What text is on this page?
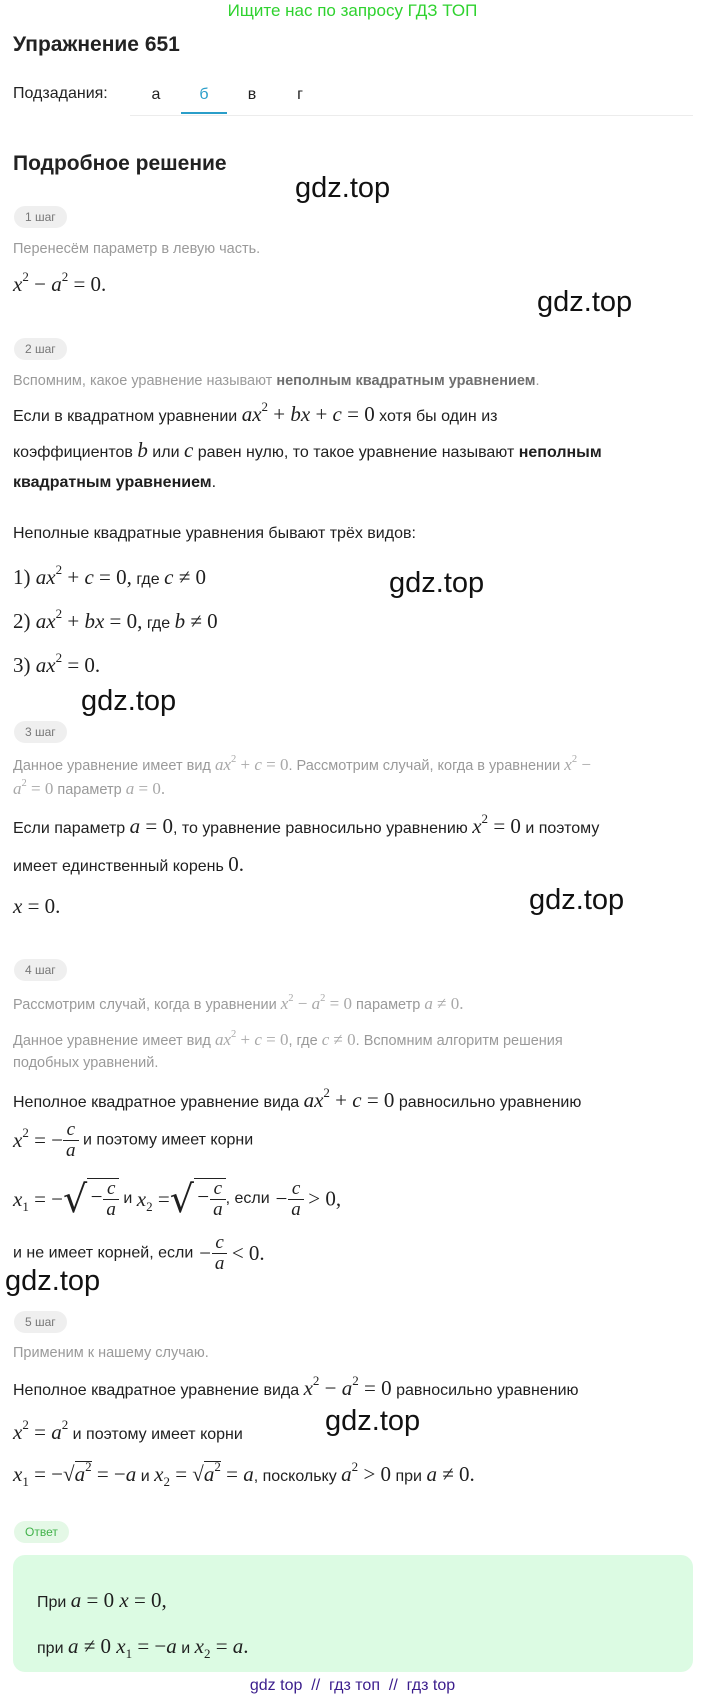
Ищите нас по запросу ГДЗ ТОП
Упражнение 651
Подзадания:	а	б	в	г
Подробное решение
gdz.top
gdz.top
gdz.top
gdz.top
gdz.top
gdz.top
gdz.top
1 шаг
Перенесём параметр в левую часть.
$x^2 - a^2 = 0$.
2 шаг
Вспомним, какое уравнение называют неполным квадратным уравнением.
Если в квадратном уравнении $ax^2$ + bx + c = 0 хотя бы один из
коэффициентов b или c равен нулю, то такое уравнение называют неполным
квадратным уравнением.
Неполные квадратные уравнения бывают трёх видов:
1) $ax^2 + c = 0$, где c ≠ 0
2) $ax^2$ + bx = 0, где b ≠ 0
3) $ax^2 = 0$.
3 шаг
Данное уравнение имеет вид $ax^2 + c = 0$. Рассмотрим случай, когда в уравнении $x^2$ −
$a^2 = 0$ параметр a = 0.
Если параметр a = 0, то уравнение равносильно уравнению $x^2 = 0$ и поэтому
имеет единственный корень 0.
x = 0.
4 шаг
Рассмотрим случай, когда в уравнении $x^2 - a^2 = 0$ параметр a ≠ 0.
Данное уравнение имеет вид $ax^2 + c = 0$, где c ≠ 0. Вспомним алгоритм решения
подобных уравнений.
Неполное квадратное уравнение вида $ax^2 + c = 0$ равносильно уравнению
$x^2$ = − $\frac{c}{a}$ и поэтому имеет корни
$x_1$ = −√− $\frac{c}{a}$ и $x_2$ =√− $\frac{c}{a}$ , если − $\frac{c}{a} > 0$,
и не имеет корней, если − $\frac{c}{a} < 0$.
5 шаг
Применим к нашему случаю.
Неполное квадратное уравнение вида $x^2 - a^2 = 0$ равносильно уравнению
$x^2 = a^2$ и поэтому имеет корни
$x_1 = -√a^2 = -a$ и $x_2 = √a^2 = a$, поскольку $a^2 > 0$ при a ≠ 0.
Ответ
При a = 0 x = 0,
при a ≠ 0 $x_1 = -a$ и $x_2 = a$.
gdz top  //  гдз топ  //  гдз top
